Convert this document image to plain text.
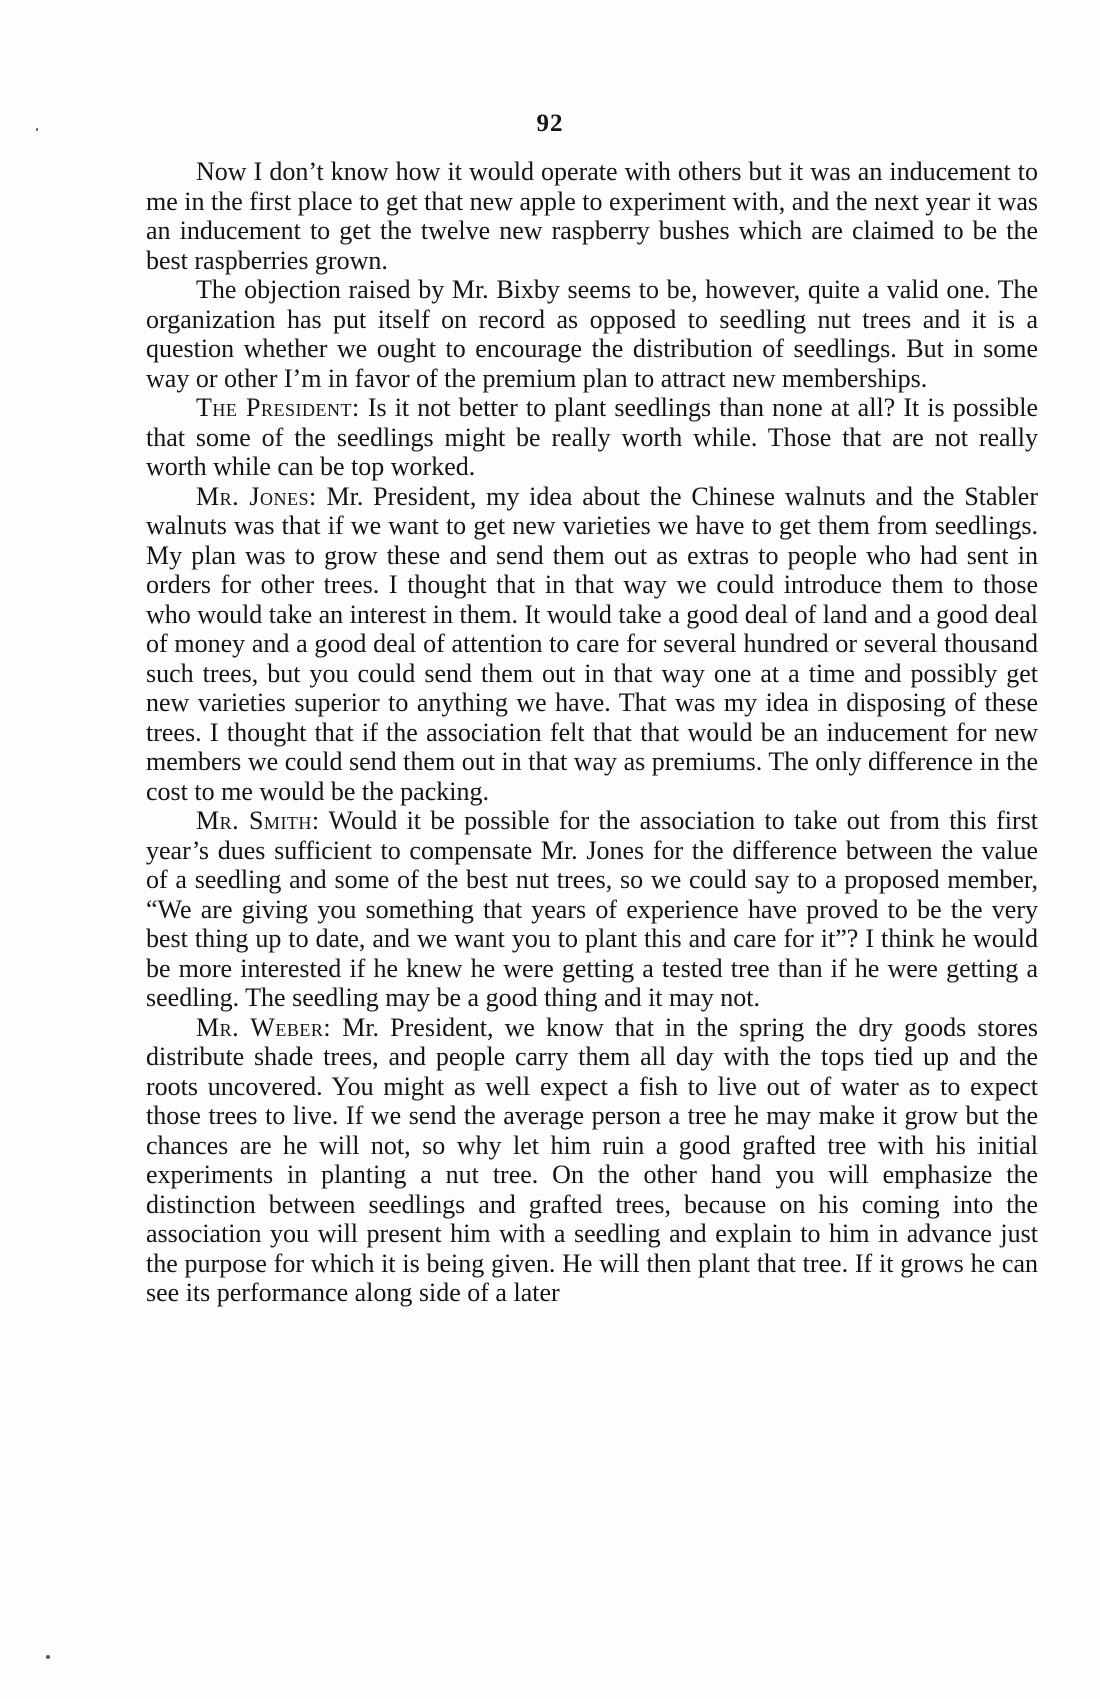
92

Now I don’t know how it would operate with others but it was an inducement to me in the first place to get that new apple to experiment with, and the next year it was an inducement to get the twelve new raspberry bushes which are claimed to be the best raspberries grown.

The objection raised by Mr. Bixby seems to be, however, quite a valid one. The organization has put itself on record as opposed to seedling nut trees and it is a question whether we ought to encourage the distribution of seedlings. But in some way or other I’m in favor of the premium plan to attract new memberships.

The President: Is it not better to plant seedlings than none at all? It is possible that some of the seedlings might be really worth while. Those that are not really worth while can be top worked.

Mr. Jones: Mr. President, my idea about the Chinese walnuts and the Stabler walnuts was that if we want to get new varieties we have to get them from seedlings. My plan was to grow these and send them out as extras to people who had sent in orders for other trees. I thought that in that way we could introduce them to those who would take an interest in them. It would take a good deal of land and a good deal of money and a good deal of attention to care for several hundred or several thousand such trees, but you could send them out in that way one at a time and possibly get new varieties superior to anything we have. That was my idea in disposing of these trees. I thought that if the association felt that that would be an inducement for new members we could send them out in that way as premiums. The only difference in the cost to me would be the packing.

Mr. Smith: Would it be possible for the association to take out from this first year’s dues sufficient to compensate Mr. Jones for the difference between the value of a seedling and some of the best nut trees, so we could say to a proposed member, “We are giving you something that years of experience have proved to be the very best thing up to date, and we want you to plant this and care for it”? I think he would be more interested if he knew he were getting a tested tree than if he were getting a seedling. The seedling may be a good thing and it may not.

Mr. Weber: Mr. President, we know that in the spring the dry goods stores distribute shade trees, and people carry them all day with the tops tied up and the roots uncovered. You might as well expect a fish to live out of water as to expect those trees to live. If we send the average person a tree he may make it grow but the chances are he will not, so why let him ruin a good grafted tree with his initial experiments in planting a nut tree. On the other hand you will emphasize the distinction between seedlings and grafted trees, because on his coming into the association you will present him with a seedling and explain to him in advance just the purpose for which it is being given. He will then plant that tree. If it grows he can see its performance along side of a later
